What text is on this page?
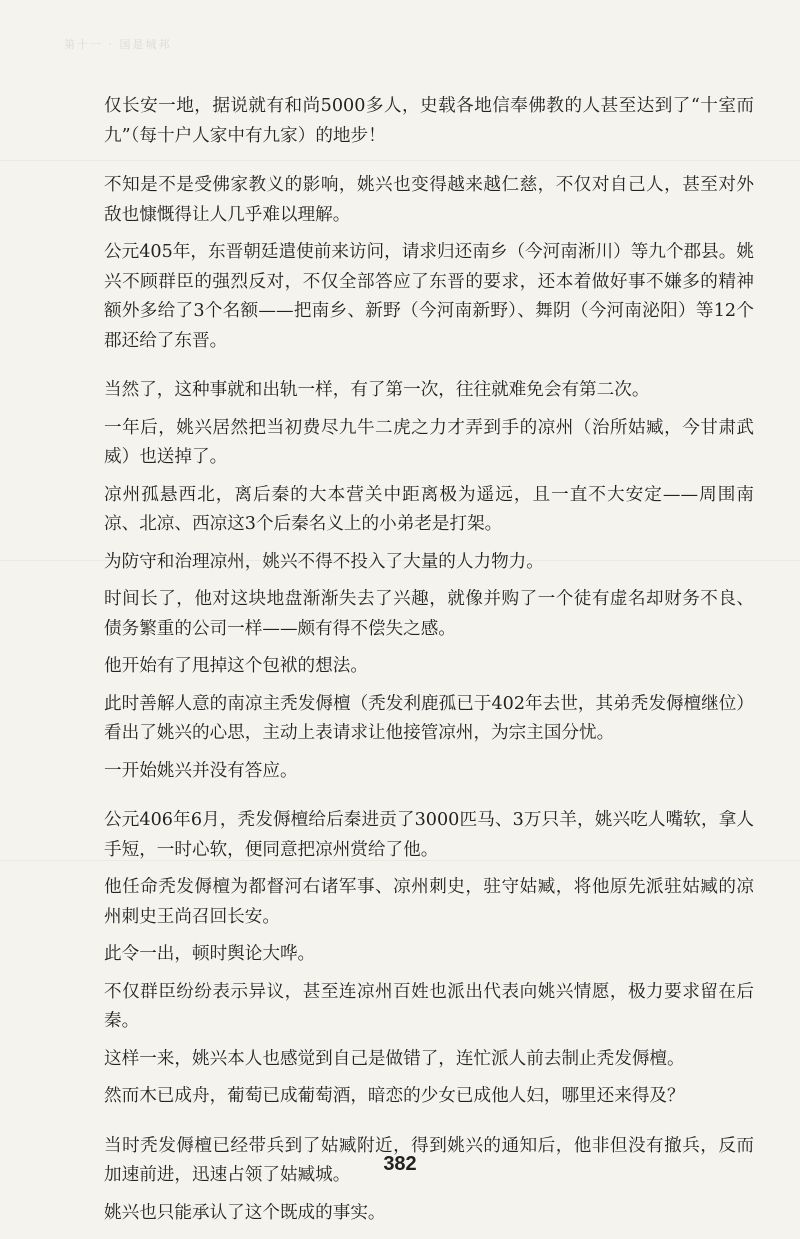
第十一 · 国是城邦

仅长安一地，据说就有和尚5000多人，史载各地信奉佛教的人甚至达到了“十室而九”（每十户人家中有九家）的地步！

不知是不是受佛家教义的影响，姚兴也变得越来越仁慈，不仅对自己人，甚至对外敌也慷慨得让人几乎难以理解。

公元405年，东晋朝廷遣使前来访问，请求归还南乡（今河南淅川）等九个郡县。姚兴不顾群臣的强烈反对，不仅全部答应了东晋的要求，还本着做好事不嫌多的精神额外多给了3个名额——把南乡、新野（今河南新野）、舞阴（今河南泌阳）等12个郡还给了东晋。

当然了，这种事就和出轨一样，有了第一次，往往就难免会有第二次。

一年后，姚兴居然把当初费尽九牛二虎之力才弄到手的凉州（治所姑臧，今甘肃武威）也送掉了。

凉州孤悬西北，离后秦的大本营关中距离极为遥远，且一直不大安定——周围南凉、北凉、西凉这3个后秦名义上的小弟老是打架。

为防守和治理凉州，姚兴不得不投入了大量的人力物力。

时间长了，他对这块地盘渐渐失去了兴趣，就像并购了一个徒有虚名却财务不良、债务繁重的公司一样——颇有得不偿失之感。

他开始有了甩掉这个包袱的想法。

此时善解人意的南凉主秃发傉檀（秃发利鹿孤已于402年去世，其弟秃发傉檀继位）看出了姚兴的心思，主动上表请求让他接管凉州，为宗主国分忧。

一开始姚兴并没有答应。

公元406年6月，秃发傉檀给后秦进贡了3000匹马、3万只羊，姚兴吃人嘴软，拿人手短，一时心软，便同意把凉州赏给了他。

他任命秃发傉檀为都督河右诸军事、凉州刺史，驻守姑臧，将他原先派驻姑臧的凉州刺史王尚召回长安。

此令一出，顿时舆论大哗。

不仅群臣纷纷表示异议，甚至连凉州百姓也派出代表向姚兴情愿，极力要求留在后秦。

这样一来，姚兴本人也感觉到自己是做错了，连忙派人前去制止秃发傉檀。

然而木已成舟，葡萄已成葡萄酒，暗恋的少女已成他人妇，哪里还来得及？

当时秃发傉檀已经带兵到了姑臧附近，得到姚兴的通知后，他非但没有撤兵，反而加速前进，迅速占领了姑臧城。

姚兴也只能承认了这个既成的事实。

382
